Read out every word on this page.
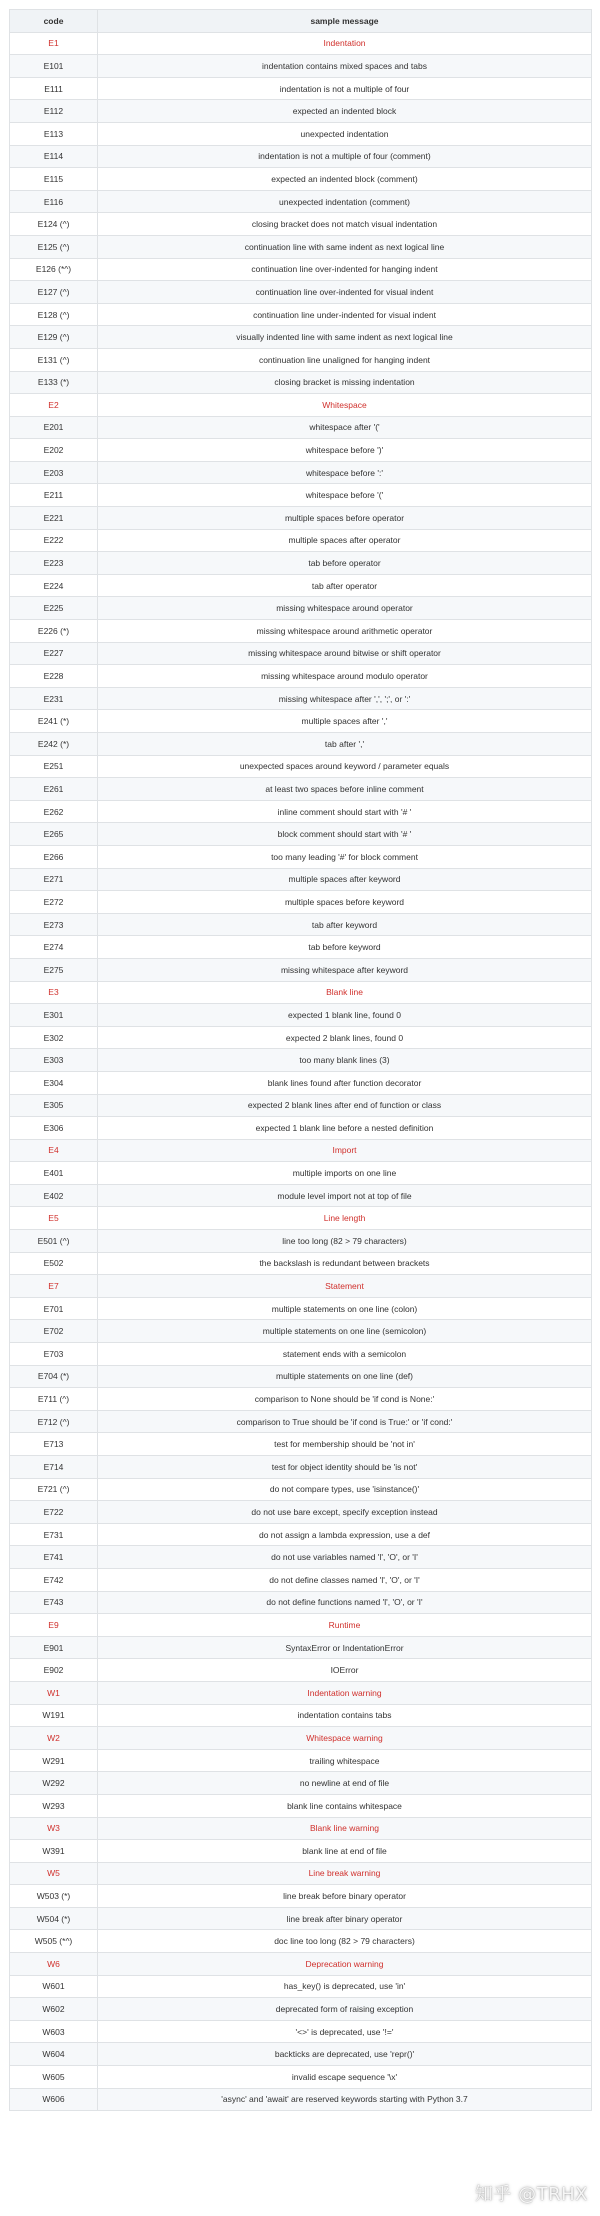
code	sample message
E1	Indentation
E101	indentation contains mixed spaces and tabs
E111	indentation is not a multiple of four
E112	expected an indented block
E113	unexpected indentation
E114	indentation is not a multiple of four (comment)
E115	expected an indented block (comment)
E116	unexpected indentation (comment)
E124 (^)	closing bracket does not match visual indentation
E125 (^)	continuation line with same indent as next logical line
E126 (*^)	continuation line over-indented for hanging indent
E127 (^)	continuation line over-indented for visual indent
E128 (^)	continuation line under-indented for visual indent
E129 (^)	visually indented line with same indent as next logical line
E131 (^)	continuation line unaligned for hanging indent
E133 (*)	closing bracket is missing indentation
E2	Whitespace
E201	whitespace after '('
E202	whitespace before ')'
E203	whitespace before ':'
E211	whitespace before '('
E221	multiple spaces before operator
E222	multiple spaces after operator
E223	tab before operator
E224	tab after operator
E225	missing whitespace around operator
E226 (*)	missing whitespace around arithmetic operator
E227	missing whitespace around bitwise or shift operator
E228	missing whitespace around modulo operator
E231	missing whitespace after ',', ';', or ':'
E241 (*)	multiple spaces after ','
E242 (*)	tab after ','
E251	unexpected spaces around keyword / parameter equals
E261	at least two spaces before inline comment
E262	inline comment should start with '# '
E265	block comment should start with '# '
E266	too many leading '#' for block comment
E271	multiple spaces after keyword
E272	multiple spaces before keyword
E273	tab after keyword
E274	tab before keyword
E275	missing whitespace after keyword
E3	Blank line
E301	expected 1 blank line, found 0
E302	expected 2 blank lines, found 0
E303	too many blank lines (3)
E304	blank lines found after function decorator
E305	expected 2 blank lines after end of function or class
E306	expected 1 blank line before a nested definition
E4	Import
E401	multiple imports on one line
E402	module level import not at top of file
E5	Line length
E501 (^)	line too long (82 > 79 characters)
E502	the backslash is redundant between brackets
E7	Statement
E701	multiple statements on one line (colon)
E702	multiple statements on one line (semicolon)
E703	statement ends with a semicolon
E704 (*)	multiple statements on one line (def)
E711 (^)	comparison to None should be 'if cond is None:'
E712 (^)	comparison to True should be 'if cond is True:' or 'if cond:'
E713	test for membership should be 'not in'
E714	test for object identity should be 'is not'
E721 (^)	do not compare types, use 'isinstance()'
E722	do not use bare except, specify exception instead
E731	do not assign a lambda expression, use a def
E741	do not use variables named 'l', 'O', or 'I'
E742	do not define classes named 'l', 'O', or 'I'
E743	do not define functions named 'l', 'O', or 'I'
E9	Runtime
E901	SyntaxError or IndentationError
E902	IOError
W1	Indentation warning
W191	indentation contains tabs
W2	Whitespace warning
W291	trailing whitespace
W292	no newline at end of file
W293	blank line contains whitespace
W3	Blank line warning
W391	blank line at end of file
W5	Line break warning
W503 (*)	line break before binary operator
W504 (*)	line break after binary operator
W505 (*^)	doc line too long (82 > 79 characters)
W6	Deprecation warning
W601	has_key() is deprecated, use 'in'
W602	deprecated form of raising exception
W603	'<>' is deprecated, use '!='
W604	backticks are deprecated, use 'repr()'
W605	invalid escape sequence '\x'
W606	'async' and 'await' are reserved keywords starting with Python 3.7
知乎 @TRHX
